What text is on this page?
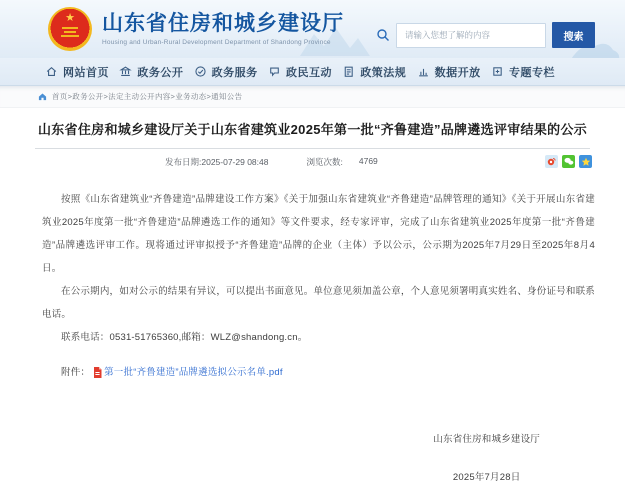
★ 山东省住房和城乡建设厅
Housing and Urban-Rural Development Department of Shandong Province
请输入您想了解的内容	搜索
网站首页	政务公开	政务服务	政民互动	政策法规	数据开放	专题专栏
首页>政务公开>法定主动公开内容>业务动态>通知公告
山东省住房和城乡建设厅关于山东省建筑业2025年第一批“齐鲁建造”品牌遴选评审结果的公示
发布日期:2025-07-29 08:48	浏览次数: 4769

按照《山东省建筑业“齐鲁建造”品牌建设工作方案》《关于加强山东省建筑业“齐鲁建造”品牌管理的通知》《关于开展山东省建筑业2025年度第一批“齐鲁建造”品牌遴选工作的通知》等文件要求，经专家评审，完成了山东省建筑业2025年度第一批“齐鲁建造”品牌遴选评审工作。现将通过评审拟授予“齐鲁建造”品牌的企业（主体）予以公示，公示期为2025年7月29日至2025年8月4日。

在公示期内，如对公示的结果有异议，可以提出书面意见。单位意见须加盖公章，个人意见须署明真实姓名、身份证号和联系电话。

联系电话：0531-51765360,邮箱：WLZ@shandong.cn。

附件： 第一批“齐鲁建造”品牌遴选拟公示名单.pdf
山东省住房和城乡建设厅
2025年7月28日
